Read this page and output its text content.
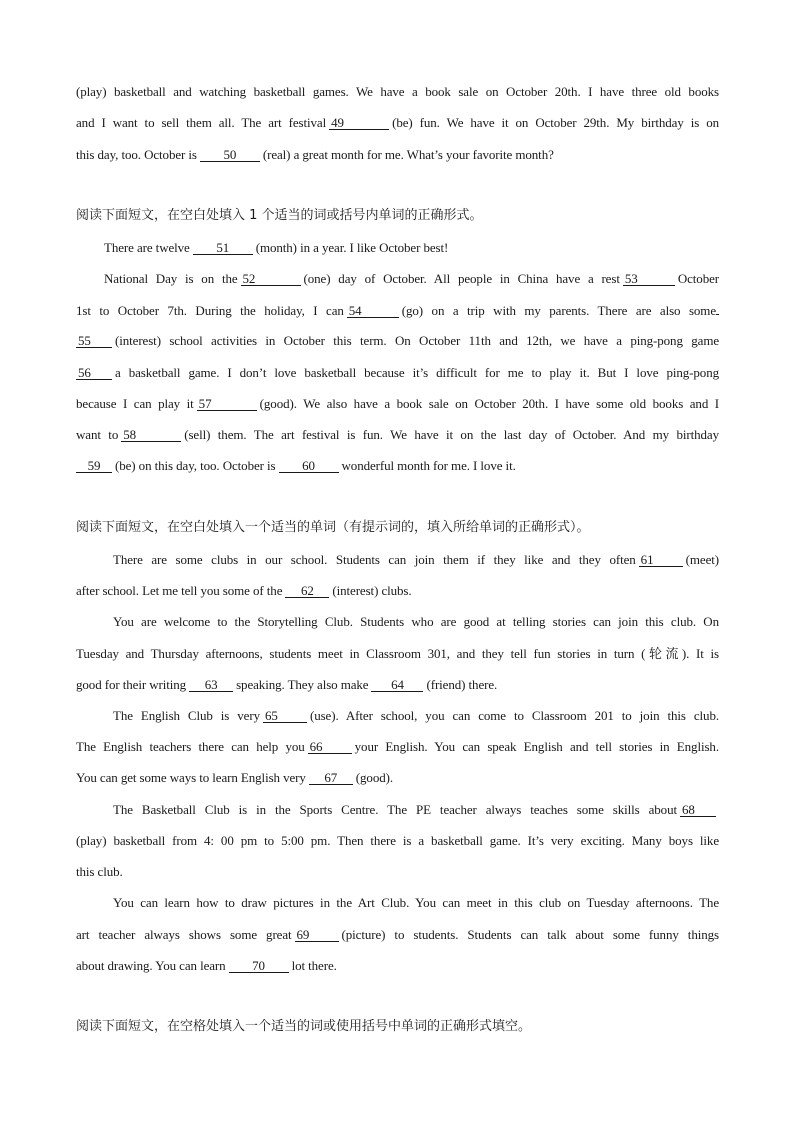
(play) basketball and watching basketball games. We have a book sale on October 20th. I have three old books
and I want to sell them all. The art festival 49	(be) fun. We have it on October 29th. My birthday is on
this day, too. October is 50 (real) a great month for me. What’s your favorite month?
阅读下面短文，在空白处填入 1 个适当的词或括号内单词的正确形式。
There are twelve 51 (month) in a year. I like October best!
National Day is on the 52	(one) day of October. All people in China have a rest 53	October
1st to October 7th. During the holiday, I can 54	(go) on a trip with my parents. There are also some
55 (interest) school activities in October this term. On October 11th and 12th, we have a ping-pong game
56 a basketball game. I don’t love basketball because it’s difficult for me to play it. But I love ping-pong
because I can play it 57	(good). We also have a book sale on October 20th. I have some old books and I
want to 58	(sell) them. The art festival is fun. We have it on the last day of October. And my birthday
59 (be) on this day, too. October is 60 wonderful month for me. I love it.
阅读下面短文，在空白处填入一个适当的单词（有提示词的，填入所给单词的正确形式）。
There are some clubs in our school. Students can join them if they like and they often 61 (meet)
after school. Let me tell you some of the 62 (interest) clubs.
You are welcome to the Storytelling Club. Students who are good at telling stories can join this club. On
Tuesday and Thursday afternoons, students meet in Classroom 301, and they tell fun stories in turn (轮流). It is
good for their writing 63 speaking. They also make 64 (friend) there.
The English Club is very 65 (use). After school, you can come to Classroom 201 to join this club.
The English teachers there can help you 66 your English. You can speak English and tell stories in English.
You can get some ways to learn English very 67 (good).
The Basketball Club is in the Sports Centre. The PE teacher always teaches some skills about 68
(play) basketball from 4: 00 pm to 5:00 pm. Then there is a basketball game. It’s very exciting. Many boys like
this club.
You can learn how to draw pictures in the Art Club. You can meet in this club on Tuesday afternoons. The
art teacher always shows some great 69 (picture) to students. Students can talk about some funny things
about drawing. You can learn 70 lot there.
阅读下面短文，在空格处填入一个适当的词或使用括号中单词的正确形式填空。
